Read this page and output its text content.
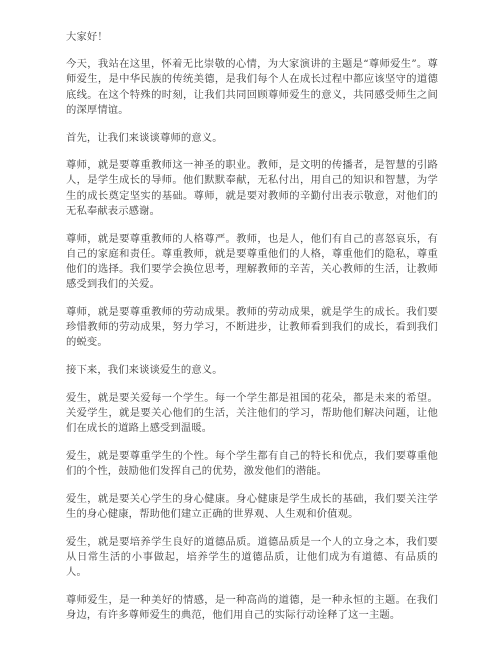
大家好！

今天，我站在这里，怀着无比崇敬的心情，为大家演讲的主题是“尊师爱生”。尊师爱生，是中华民族的传统美德，是我们每个人在成长过程中都应该坚守的道德底线。在这个特殊的时刻，让我们共同回顾尊师爱生的意义，共同感受师生之间的深厚情谊。

首先，让我们来谈谈尊师的意义。

尊师，就是要尊重教师这一神圣的职业。教师，是文明的传播者，是智慧的引路人，是学生成长的导师。他们默默奉献，无私付出，用自己的知识和智慧，为学生的成长奠定坚实的基础。尊师，就是要对教师的辛勤付出表示敬意，对他们的无私奉献表示感谢。

尊师，就是要尊重教师的人格尊严。教师，也是人，他们有自己的喜怒哀乐，有自己的家庭和责任。尊重教师，就是要尊重他们的人格，尊重他们的隐私，尊重他们的选择。我们要学会换位思考，理解教师的辛苦，关心教师的生活，让教师感受到我们的关爱。

尊师，就是要尊重教师的劳动成果。教师的劳动成果，就是学生的成长。我们要珍惜教师的劳动成果，努力学习，不断进步，让教师看到我们的成长，看到我们的蜕变。

接下来，我们来谈谈爱生的意义。

爱生，就是要关爱每一个学生。每一个学生都是祖国的花朵，都是未来的希望。关爱学生，就是要关心他们的生活，关注他们的学习，帮助他们解决问题，让他们在成长的道路上感受到温暖。

爱生，就是要尊重学生的个性。每个学生都有自己的特长和优点，我们要尊重他们的个性，鼓励他们发挥自己的优势，激发他们的潜能。

爱生，就是要关心学生的身心健康。身心健康是学生成长的基础，我们要关注学生的身心健康，帮助他们建立正确的世界观、人生观和价值观。

爱生，就是要培养学生良好的道德品质。道德品质是一个人的立身之本，我们要从日常生活的小事做起，培养学生的道德品质，让他们成为有道德、有品质的人。

尊师爱生，是一种美好的情感，是一种高尚的道德，是一种永恒的主题。在我们身边，有许多尊师爱生的典范，他们用自己的实际行动诠释了这一主题。
